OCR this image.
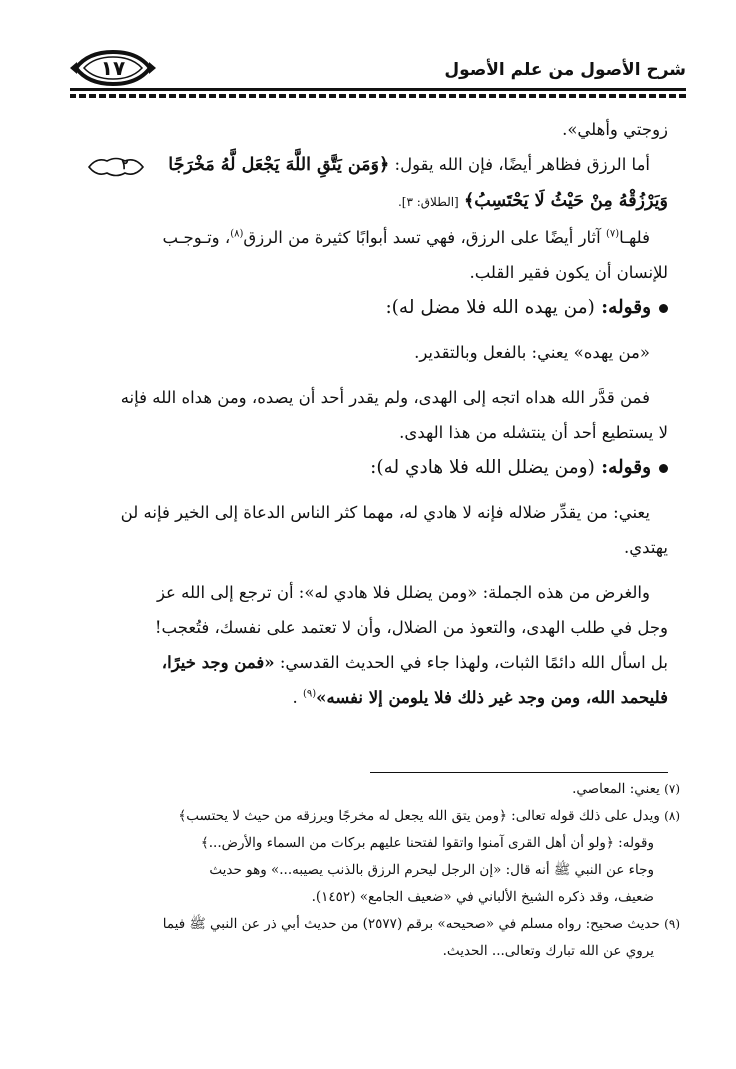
شرح الأصول من علم الأصول
١٧

زوجتي وأهلي».

أما الرزق فظاهر أيضًا، فإن الله يقول: ﴿وَمَن يَتَّقِ اللَّهَ يَجْعَل لَّهُ مَخْرَجًا
٢

وَيَرْزُقْهُ مِنْ حَيْثُ لَا يَحْتَسِبُ﴾ [الطلاق: ٣].

فلهـا$^{(٧)}$ آثار أيضًا على الرزق، فهي تسد أبوابًا كثيرة من الرزق$^{(٨)}$، وتـوجـب

للإنسان أن يكون فقير القلب.

وقوله: (من يهده الله فلا مضل له):

«من يهده» يعني: بالفعل وبالتقدير.

فمن قدَّر الله هداه اتجه إلى الهدى، ولم يقدر أحد أن يصده، ومن هداه الله فإنه

لا يستطيع أحد أن ينتشله من هذا الهدى.

وقوله: (ومن يضلل الله فلا هادي له):

يعني: من يقدِّر ضلاله فإنه لا هادي له، مهما كثر الناس الدعاة إلى الخير فإنه لن

يهتدي.

والغرض من هذه الجملة: «ومن يضلل فلا هادي له»: أن ترجع إلى الله عز

وجل في طلب الهدى، والتعوذ من الضلال، وأن لا تعتمد على نفسك، فتُعجب!

بل اسأل الله دائمًا الثبات، ولهذا جاء في الحديث القدسي: «فمن وجد خيرًا،

فليحمد الله، ومن وجد غير ذلك فلا يلومن إلا نفسه»$^{(٩)}$ .

(٧) يعني: المعاصي.

(٨) ويدل على ذلك قوله تعالى: ﴿ومن يتق الله يجعل له مخرجًا ويرزقه من حيث لا يحتسب﴾

وقوله: ﴿ولو أن أهل القرى آمنوا واتقوا لفتحنا عليهم بركات من السماء والأرض...﴾

وجاء عن النبي ﷺ أنه قال: «إن الرجل ليحرم الرزق بالذنب يصيبه...» وهو حديث

ضعيف، وقد ذكره الشيخ الألباني في «ضعيف الجامع» (١٤٥٢).

(٩) حديث صحيح: رواه مسلم في «صحيحه» برقم (٢٥٧٧) من حديث أبي ذر عن النبي ﷺ فيما

يروي عن الله تبارك وتعالى... الحديث.
